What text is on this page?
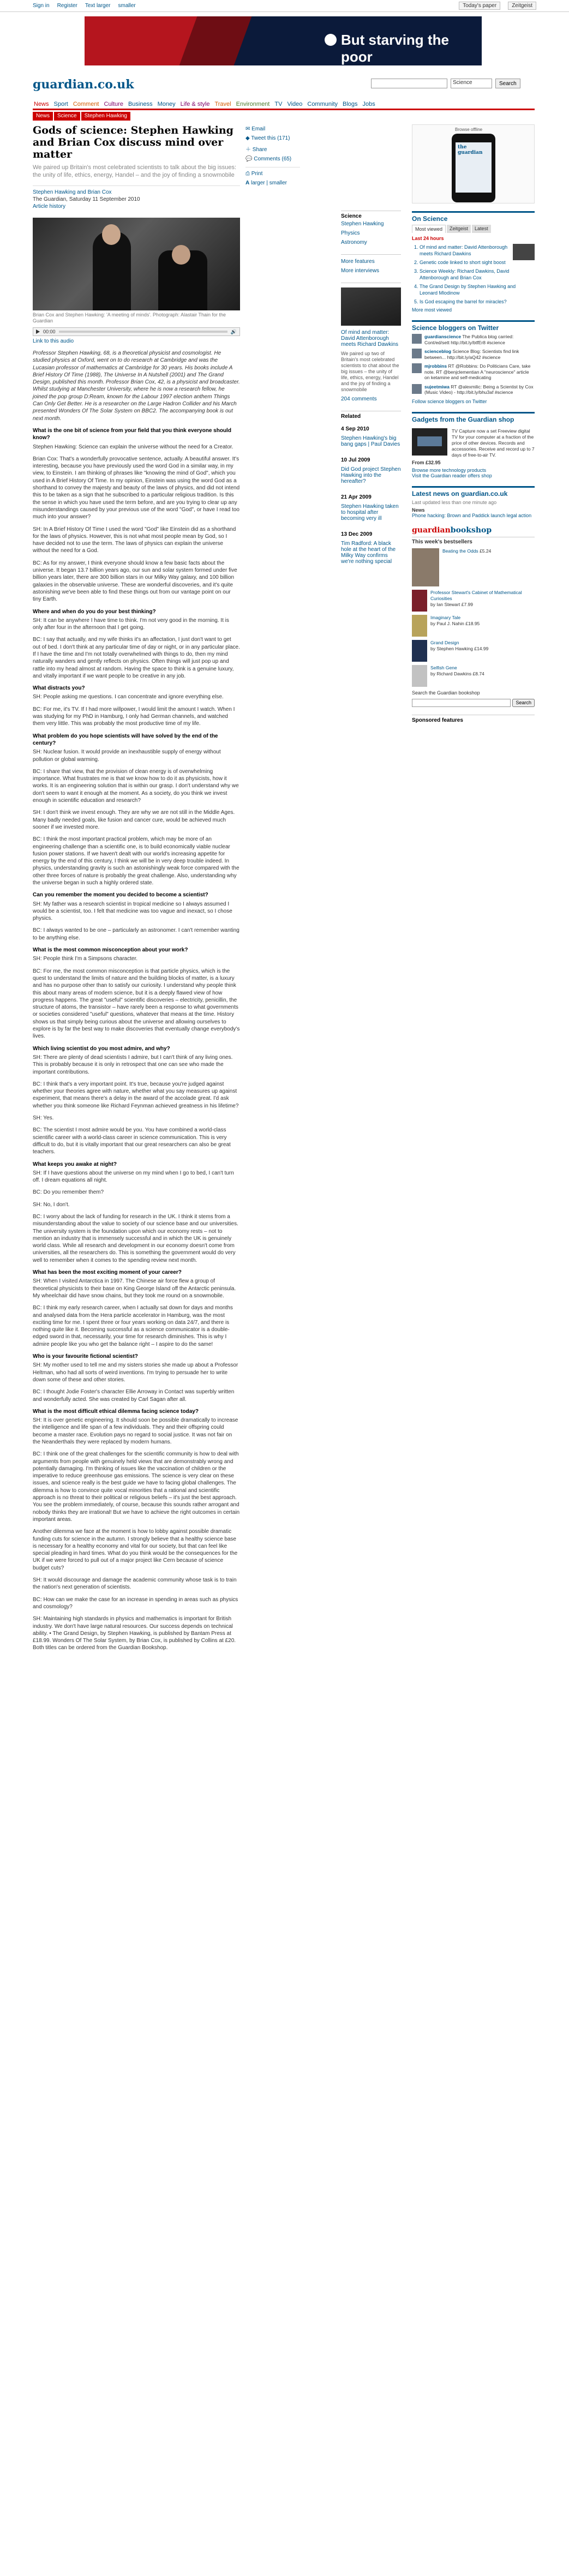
Sign in Register Text larger smaller	Today's paper	Zeitgeist
But starving the poor
guardian.co.uk	Science	Search
News Sport Comment Culture Business Money Life & style Travel Environment TV Video Community Blogs Jobs
News	Science	Stephen Hawking
Gods of science: Stephen Hawking and Brian Cox discuss mind over matter
We paired up Britain's most celebrated scientists to talk about the big issues: the unity of life, ethics, energy, Handel – and the joy of finding a snowmobile
✉ Email
◆ Tweet this (171)
＋ Share
💬 Comments (65)
⎙ Print
A larger | smaller
Science
Stephen Hawking
Physics
Astronomy
More features
More interviews
Of mind and matter: David Attenborough meets Richard Dawkins
We paired up two of Britain's most celebrated scientists to chat about the big issues – the unity of life, ethics, energy, Handel and the joy of finding a snowmobile
204 comments
Related
4 Sep 2010
Stephen Hawking's big bang gaps | Paul Davies
10 Jul 2009
Did God project Stephen Hawking into the hereafter?
21 Apr 2009
Stephen Hawking taken to hospital after becoming very ill
13 Dec 2009
Tim Radford: A black hole at the heart of the Milky Way confirms we're nothing special
Stephen Hawking and Brian Cox
The Guardian, Saturday 11 September 2010
Article history
Brian Cox and Stephen Hawking: 'A meeting of minds'. Photograph: Alastair Thain for the Guardian
00:00	🔊
Link to this audio

Professor Stephen Hawking, 68, is a theoretical physicist and cosmologist. He studied physics at Oxford, went on to do research at Cambridge and was the Lucasian professor of mathematics at Cambridge for 30 years. His books include A Brief History Of Time (1988), The Universe In A Nutshell (2001) and The Grand Design, published this month. Professor Brian Cox, 42, is a physicist and broadcaster. Whilst studying at Manchester University, where he is now a research fellow, he joined the pop group D:Ream, known for the Labour 1997 election anthem Things Can Only Get Better. He is a researcher on the Large Hadron Collider and his March presented Wonders Of The Solar System on BBC2. The accompanying book is out next month.

What is the one bit of science from your field that you think everyone should know?

Stephen Hawking: Science can explain the universe without the need for a Creator.

Brian Cox: That's a wonderfully provocative sentence, actually. A beautiful answer. It's interesting, because you have previously used the word God in a similar way, in my view, to Einstein. I am thinking of phrases like "knowing the mind of God", which you used in A Brief History Of Time. In my opinion, Einstein was using the word God as a shorthand to convey the majesty and beauty of the laws of physics, and did not intend this to be taken as a sign that he subscribed to a particular religious tradition. Is this the sense in which you have used the term before, and are you trying to clear up any misunderstandings caused by your previous use of the word "God", or have I read too much into your answer?

SH: In A Brief History Of Time I used the word "God" like Einstein did as a shorthand for the laws of physics. However, this is not what most people mean by God, so I have decided not to use the term. The laws of physics can explain the universe without the need for a God.

BC: As for my answer, I think everyone should know a few basic facts about the universe. It began 13.7 billion years ago, our sun and solar system formed under five billion years later, there are 300 billion stars in our Milky Way galaxy, and 100 billion galaxies in the observable universe. These are wonderful discoveries, and it's quite astonishing we've been able to find these things out from our vantage point on our tiny Earth.

Where and when do you do your best thinking?

SH: It can be anywhere I have time to think. I'm not very good in the morning. It is only after four in the afternoon that I get going.

BC: I say that actually, and my wife thinks it's an affectation, I just don't want to get out of bed. I don't think at any particular time of day or night, or in any particular place. If I have the time and I'm not totally overwhelmed with things to do, then my mind naturally wanders and gently reflects on physics. Often things will just pop up and rattle into my head almost at random. Having the space to think is a genuine luxury, and vitally important if we want people to be creative in any job.

What distracts you?

SH: People asking me questions. I can concentrate and ignore everything else.

BC: For me, it's TV. If I had more willpower, I would limit the amount I watch. When I was studying for my PhD in Hamburg, I only had German channels, and watched them very little. This was probably the most productive time of my life.

What problem do you hope scientists will have solved by the end of the century?

SH: Nuclear fusion. It would provide an inexhaustible supply of energy without pollution or global warming.

BC: I share that view, that the provision of clean energy is of overwhelming importance. What frustrates me is that we know how to do it as physicists, how it works. It is an engineering solution that is within our grasp. I don't understand why we don't seem to want it enough at the moment. As a society, do you think we invest enough in scientific education and research?

SH: I don't think we invest enough. They are why we are not still in the Middle Ages. Many badly needed goals, like fusion and cancer cure, would be achieved much sooner if we invested more.

BC: I think the most important practical problem, which may be more of an engineering challenge than a scientific one, is to build economically viable nuclear fusion power stations. If we haven't dealt with our world's increasing appetite for energy by the end of this century, I think we will be in very deep trouble indeed. In physics, understanding gravity is such an astonishingly weak force compared with the other three forces of nature is probably the great challenge. Also, understanding why the universe began in such a highly ordered state.

Can you remember the moment you decided to become a scientist?

SH: My father was a research scientist in tropical medicine so I always assumed I would be a scientist, too. I felt that medicine was too vague and inexact, so I chose physics.

BC: I always wanted to be one – particularly an astronomer. I can't remember wanting to be anything else.

What is the most common misconception about your work?

SH: People think I'm a Simpsons character.

BC: For me, the most common misconception is that particle physics, which is the quest to understand the limits of nature and the building blocks of matter, is a luxury and has no purpose other than to satisfy our curiosity. I understand why people think this about many areas of modern science, but it is a deeply flawed view of how progress happens. The great "useful" scientific discoveries – electricity, penicillin, the structure of atoms, the transistor – have rarely been a response to what governments or societies considered "useful" questions, whatever that means at the time. History shows us that simply being curious about the universe and allowing ourselves to explore is by far the best way to make discoveries that eventually change everybody's lives.

Which living scientist do you most admire, and why?

SH: There are plenty of dead scientists I admire, but I can't think of any living ones. This is probably because it is only in retrospect that one can see who made the important contributions.

BC: I think that's a very important point. It's true, because you're judged against whether your theories agree with nature, whether what you say measures up against experiment, that means there's a delay in the award of the accolade great. I'd ask whether you think someone like Richard Feynman achieved greatness in his lifetime?

SH: Yes.

BC: The scientist I most admire would be you. You have combined a world-class scientific career with a world-class career in science communication. This is very difficult to do, but it is vitally important that our great researchers can also be great teachers.

What keeps you awake at night?

SH: If I have questions about the universe on my mind when I go to bed, I can't turn off. I dream equations all night.

BC: Do you remember them?

SH: No, I don't.

BC: I worry about the lack of funding for research in the UK. I think it stems from a misunderstanding about the value to society of our science base and our universities. The university system is the foundation upon which our economy rests – not to mention an industry that is immensely successful and in which the UK is genuinely world class. While all research and development in our economy doesn't come from universities, all the researchers do. This is something the government would do very well to remember when it comes to the spending review next month.

What has been the most exciting moment of your career?

SH: When I visited Antarctica in 1997. The Chinese air force flew a group of theoretical physicists to their base on King George Island off the Antarctic peninsula. My wheelchair did have snow chains, but they took me round on a snowmobile.

BC: I think my early research career, when I actually sat down for days and months and analysed data from the Hera particle accelerator in Hamburg, was the most exciting time for me. I spent three or four years working on data 24/7, and there is nothing quite like it. Becoming successful as a science communicator is a double-edged sword in that, necessarily, your time for research diminishes. This is why I admire people like you who get the balance right – I aspire to do the same!

Who is your favourite fictional scientist?

SH: My mother used to tell me and my sisters stories she made up about a Professor Heltman, who had all sorts of weird inventions. I'm trying to persuade her to write down some of these and other stories.

BC: I thought Jodie Foster's character Ellie Arroway in Contact was superbly written and wonderfully acted. She was created by Carl Sagan after all.

What is the most difficult ethical dilemma facing science today?

SH: It is over genetic engineering. It should soon be possible dramatically to increase the intelligence and life span of a few individuals. They and their offspring could become a master race. Evolution pays no regard to social justice. It was not fair on the Neanderthals they were replaced by modern humans.

BC: I think one of the great challenges for the scientific community is how to deal with arguments from people with genuinely held views that are demonstrably wrong and potentially damaging. I'm thinking of issues like the vaccination of children or the imperative to reduce greenhouse gas emissions. The science is very clear on these issues, and science really is the best guide we have to facing global challenges. The dilemma is how to convince quite vocal minorities that a rational and scientific approach is no threat to their political or religious beliefs – it's just the best approach. You see the problem immediately, of course, because this sounds rather arrogant and nobody thinks they are irrational! But we have to achieve the right outcomes in certain important areas.

Another dilemma we face at the moment is how to lobby against possible dramatic funding cuts for science in the autumn. I strongly believe that a healthy science base is necessary for a healthy economy and vital for our society, but that can feel like special pleading in hard times. What do you think would be the consequences for the UK if we were forced to pull out of a major project like Cern because of science budget cuts?

SH: It would discourage and damage the academic community whose task is to train the nation's next generation of scientists.

BC: How can we make the case for an increase in spending in areas such as physics and cosmology?

SH: Maintaining high standards in physics and mathematics is important for British industry. We don't have large natural resources. Our success depends on technical ability. • The Grand Design, by Stephen Hawking, is published by Bantam Press at £18.99. Wonders Of The Solar System, by Brian Cox, is published by Collins at £20. Both titles can be ordered from the Guardian Bookshop.

Browse offline
the guardian
On Science
Most viewed	Zeitgeist	Latest
Last 24 hours
1. Of mind and matter: David Attenborough meets Richard Dawkins
2. Genetic code linked to short sight boost
3. Science Weekly: Richard Dawkins, David Attenborough and Brian Cox
4. The Grand Design by Stephen Hawking and Leonard Mlodinow
5. Is God escaping the barrel for miracles?
More most viewed
Science bloggers on Twitter
guardianscience The Publica blog carried: Cont/ed/sett http://bit.ly/btfEr8 #science
scienceblog Science Blog: Scientists find link between... http://bit.ly/aQ42 #science
mjrobbins RT @Robbins: Do Politicians Care, take note. RT @benjclementian A "neuroscience" article on ketamine and self-medicating
sujeetmiwa RT @alexmilic: Being a Scientist by Cox (Music Video) - http://bit.ly/bhu3af #science
Follow science bloggers on Twitter
Gadgets from the Guardian shop
TV Capture now a set Freeview digital TV for your computer at a fraction of the price of other devices. Records and accessories. Receive and record up to 7 days of free-to-air TV.
From £32.95
Browse more technology products
Visit the Guardian reader offers shop
Latest news on guardian.co.uk
Last updated less than one minute ago
News
Phone hacking: Brown and Paddick launch legal action
guardianbookshop
This week's bestsellers
Beating the Odds £5.24
Professor Stewart's Cabinet of Mathematical Curiosities
by Ian Stewart £7.99
Imaginary Tale
by Paul J. Nahin £18.95
Grand Design
by Stephen Hawking £14.99
Selfish Gene
by Richard Dawkins £8.74
Search the Guardian bookshop
Search
Sponsored features
